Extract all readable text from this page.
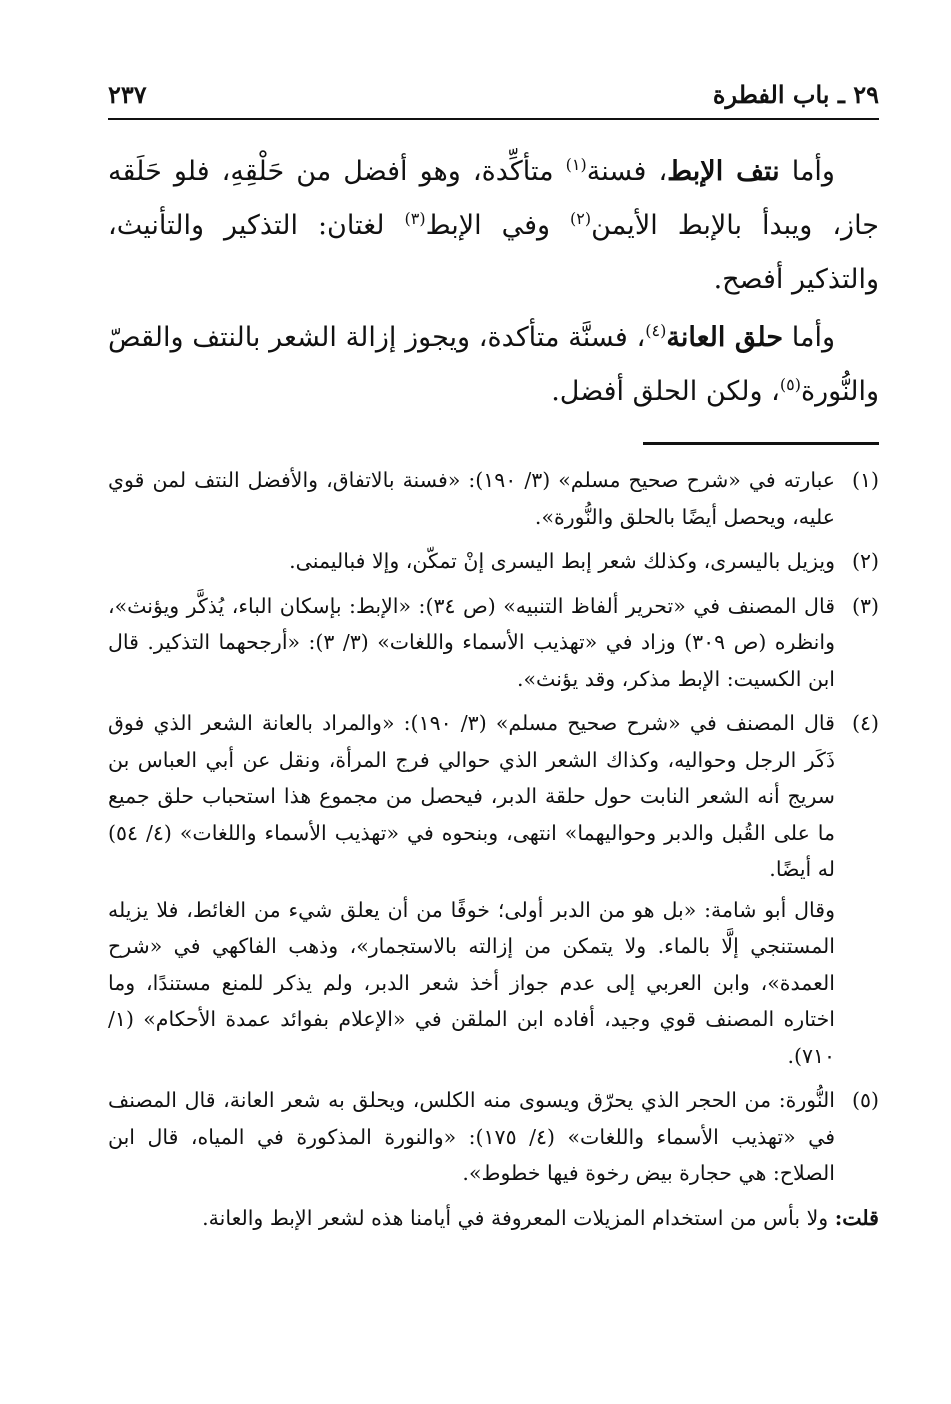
٢٩ ـ باب الفطرة
٢٣٧

وأما نتف الإبط، فسنة$^{(١)}$ متأكِّدة، وهو أفضل من حَلْقِهِ، فلو حَلَقه جاز، ويبدأ بالإبط الأيمن$^{(٢)}$ وفي الإبط$^{(٣)}$ لغتان: التذكير والتأنيث، والتذكير أفصح.

وأما حلق العانة$^{(٤)}$، فسنَّة متأكدة، ويجوز إزالة الشعر بالنتف والقصّ والنُّورة$^{(٥)}$، ولكن الحلق أفضل.

(١)

عبارته في «شرح صحيح مسلم» (٣/ ١٩٠): «فسنة بالاتفاق، والأفضل النتف لمن قوي عليه، ويحصل أيضًا بالحلق والنُّورة».

(٢)

ويزيل باليسرى، وكذلك شعر إبط اليسرى إنْ تمكّن، وإلا فباليمنى.

(٣)

قال المصنف في «تحرير ألفاظ التنبيه» (ص ٣٤): «الإبط: بإسكان الباء، يُذكَّر ويؤنث»، وانظره (ص ٣٠٩) وزاد في «تهذيب الأسماء واللغات» (٣/ ٣): «أرجحهما التذكير. قال ابن الكسيت: الإبط مذكر، وقد يؤنث».

(٤)

قال المصنف في «شرح صحيح مسلم» (٣/ ١٩٠): «والمراد بالعانة الشعر الذي فوق ذَكَر الرجل وحواليه، وكذاك الشعر الذي حوالي فرج المرأة، ونقل عن أبي العباس بن سريج أنه الشعر النابت حول حلقة الدبر، فيحصل من مجموع هذا استحباب حلق جميع ما على القُبل والدبر وحواليهما» انتهى، وبنحوه في «تهذيب الأسماء واللغات» (٤/ ٥٤) له أيضًا.

وقال أبو شامة: «بل هو من الدبر أولى؛ خوفًا من أن يعلق شيء من الغائط، فلا يزيله المستنجي إلَّا بالماء. ولا يتمكن من إزالته بالاستجمار»، وذهب الفاكهي في «شرح العمدة»، وابن العربي إلى عدم جواز أخذ شعر الدبر، ولم يذكر للمنع مستندًا، وما اختاره المصنف قوي وجيد، أفاده ابن الملقن في «الإعلام بفوائد عمدة الأحكام» (١/ ٧١٠).

(٥)

النُّورة: من الحجر الذي يحرّق ويسوى منه الكلس، ويحلق به شعر العانة، قال المصنف في «تهذيب الأسماء واللغات» (٤/ ١٧٥): «والنورة المذكورة في المياه، قال ابن الصلاح: هي حجارة بيض رخوة فيها خطوط».

قلت: ولا بأس من استخدام المزيلات المعروفة في أيامنا هذه لشعر الإبط والعانة.
